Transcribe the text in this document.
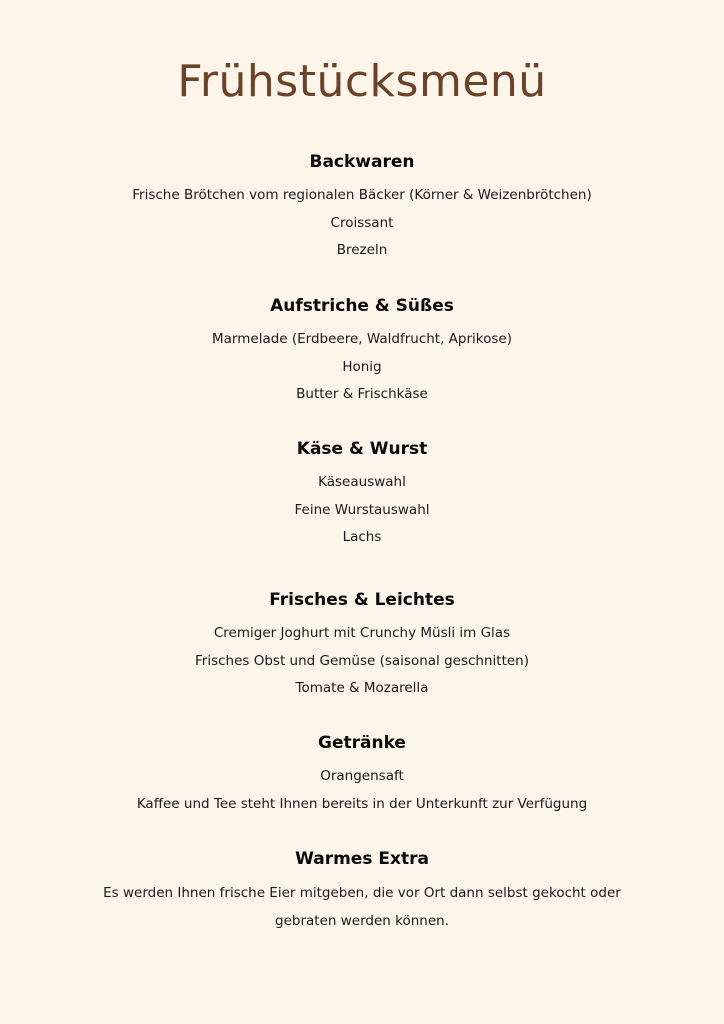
Frühstücksmenü
Backwaren

Frische Brötchen vom regionalen Bäcker (Körner & Weizenbrötchen)

Croissant

Brezeln

Aufstriche & Süßes

Marmelade (Erdbeere, Waldfrucht, Aprikose)

Honig

Butter & Frischkäse

Käse & Wurst

Käseauswahl

Feine Wurstauswahl

Lachs

Frisches & Leichtes

Cremiger Joghurt mit Crunchy Müsli im Glas

Frisches Obst und Gemüse (saisonal geschnitten)

Tomate & Mozarella

Getränke

Orangensaft

Kaffee und Tee steht Ihnen bereits in der Unterkunft zur Verfügung

Warmes Extra

Es werden Ihnen frische Eier mitgeben, die vor Ort dann selbst gekocht oder gebraten werden können.
